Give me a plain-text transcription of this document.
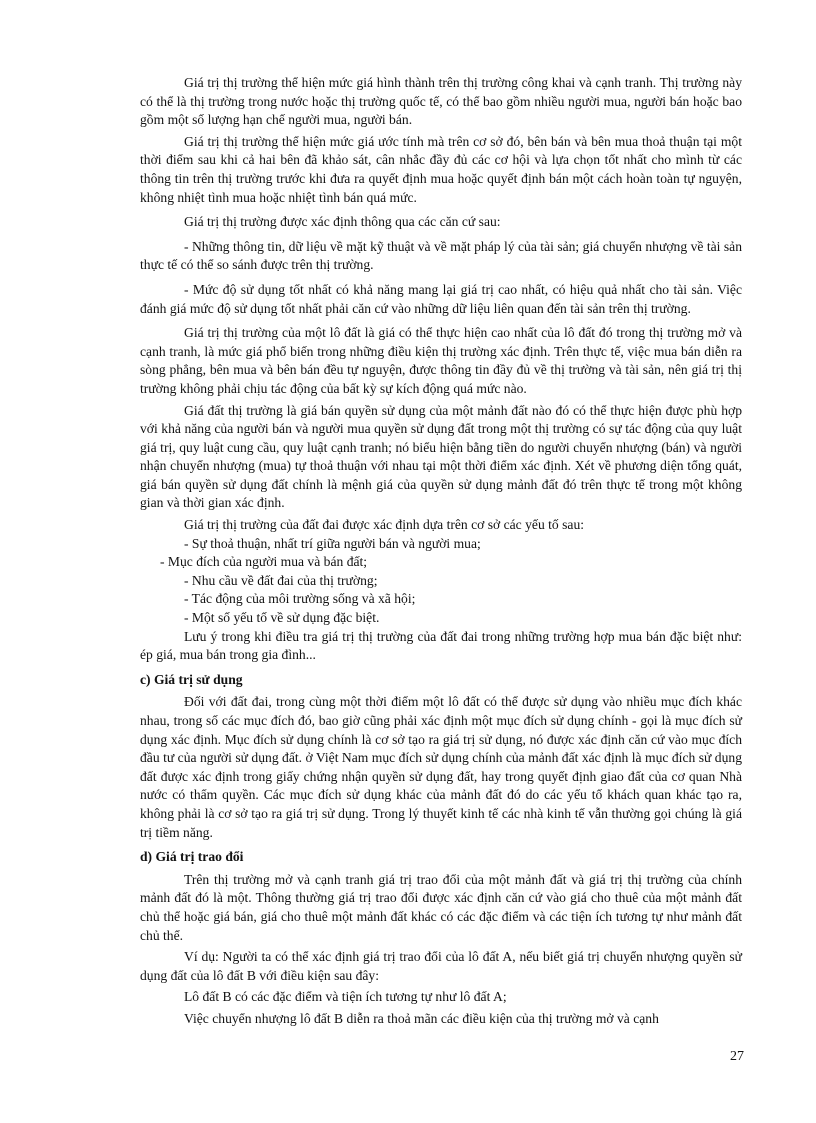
Giá trị thị trường thể hiện mức giá hình thành trên thị trường công khai và cạnh tranh. Thị trường này có thể là thị trường trong nước hoặc thị trường quốc tế, có thể bao gồm nhiều người mua, người bán hoặc bao gồm một số lượng hạn chế người mua, người bán.

Giá trị thị trường thể hiện mức giá ước tính mà trên cơ sở đó, bên bán và bên mua thoả thuận tại một thời điểm sau khi cả hai bên đã khảo sát, cân nhắc đầy đủ các cơ hội và lựa chọn tốt nhất cho mình từ các thông tin trên thị trường trước khi đưa ra quyết định mua hoặc quyết định bán một cách hoàn toàn tự nguyện, không nhiệt tình mua hoặc nhiệt tình bán quá mức.

Giá trị thị trường được xác định thông qua các căn cứ sau:

- Những thông tin, dữ liệu về mặt kỹ thuật và về mặt pháp lý của tài sản; giá chuyển nhượng về tài sản thực tế có thể so sánh được trên thị trường.

- Mức độ sử dụng tốt nhất có khả năng mang lại giá trị cao nhất, có hiệu quả nhất cho tài sản. Việc đánh giá mức độ sử dụng tốt nhất phải căn cứ vào những dữ liệu liên quan đến tài sản trên thị trường.

Giá trị thị trường của một lô đất là giá có thể thực hiện cao nhất của lô đất đó trong thị trường mở và cạnh tranh, là mức giá phổ biến trong những điều kiện thị trường xác định. Trên thực tế, việc mua bán diễn ra sòng phẳng, bên mua và bên bán đều tự nguyện, được thông tin đầy đủ về thị trường và tài sản, nên giá trị thị trường không phải chịu tác động của bất kỳ sự kích động quá mức nào.

Giá đất thị trường là giá bán quyền sử dụng của một mảnh đất nào đó có thể thực hiện được phù hợp với khả năng của người bán và người mua quyền sử dụng đất trong một thị trường có sự tác động của quy luật giá trị, quy luật cung cầu, quy luật cạnh tranh; nó biểu hiện bằng tiền do người chuyển nhượng (bán) và người nhận chuyển nhượng (mua) tự thoả thuận với nhau tại một thời điểm xác định. Xét về phương diện tổng quát, giá bán quyền sử dụng đất chính là mệnh giá của quyền sử dụng mảnh đất đó trên thực tế trong một không gian và thời gian xác định.

Giá trị thị trường của đất đai được xác định dựa trên cơ sở các yếu tố sau:

- Sự thoả thuận, nhất trí giữa người bán và người mua;

- Mục đích của người mua và bán đất;

- Nhu cầu về đất đai của thị trường;

- Tác động của môi trường sống và xã hội;

- Một số yếu tố về sử dụng đặc biệt.

Lưu ý trong khi điều tra giá trị thị trường của đất đai trong những trường hợp mua bán đặc biệt như: ép giá, mua bán trong gia đình...

c) Giá trị sử dụng

Đối với đất đai, trong cùng một thời điểm một lô đất có thể được sử dụng vào nhiều mục đích khác nhau, trong số các mục đích đó, bao giờ cũng phải xác định một mục đích sử dụng chính - gọi là mục đích sử dụng xác định. Mục đích sử dụng chính là cơ sở tạo ra giá trị sử dụng, nó được xác định căn cứ vào mục đích đầu tư của người sử dụng đất. ở Việt Nam mục đích sử dụng chính của mảnh đất xác định là mục đích sử dụng đất được xác định trong giấy chứng nhận quyền sử dụng đất, hay trong quyết định giao đất của cơ quan Nhà nước có thẩm quyền. Các mục đích sử dụng khác của mảnh đất đó do các yếu tố khách quan khác tạo ra, không phải là cơ sở tạo ra giá trị sử dụng. Trong lý thuyết kinh tế các nhà kinh tế vẫn thường gọi chúng là giá trị tiềm năng.

d) Giá trị trao đổi

Trên thị trường mở và cạnh tranh giá trị trao đổi của một mảnh đất và giá trị thị trường của chính mảnh đất đó là một. Thông thường giá trị trao đổi được xác định căn cứ vào giá cho thuê của một mảnh đất chủ thể hoặc giá bán, giá cho thuê một mảnh đất khác có các đặc điểm và các tiện ích tương tự như mảnh đất chủ thể.

Ví dụ: Người ta có thể xác định giá trị trao đổi của lô đất A, nếu biết giá trị chuyển nhượng quyền sử dụng đất của lô đất B với điều kiện sau đây:

Lô đất B có các đặc điểm và tiện ích tương tự như lô đất A;

Việc chuyển nhượng lô đất B diễn ra thoả mãn các điều kiện của thị trường mở và cạnh

27
